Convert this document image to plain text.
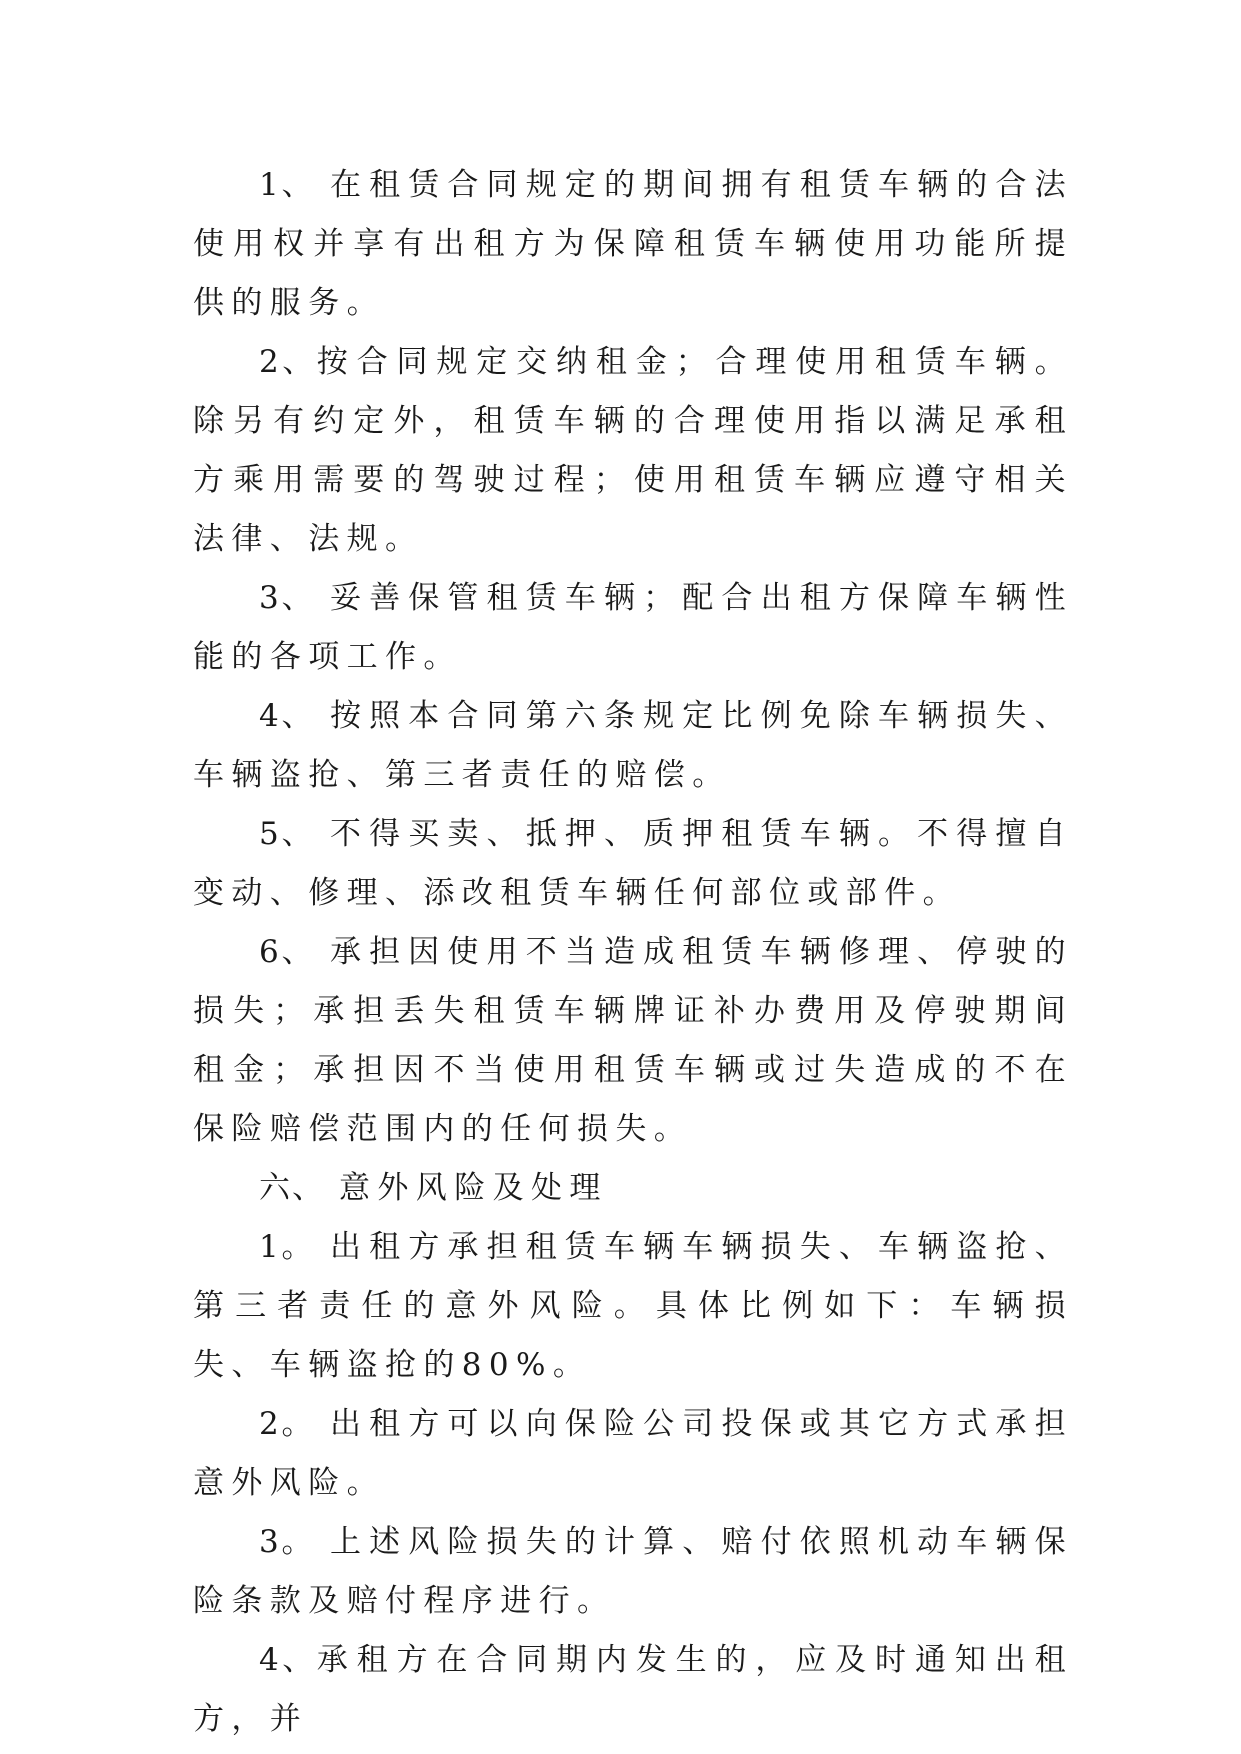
1、 在租赁合同规定的期间拥有租赁车辆的合法使用权并享有出租方为保障租赁车辆使用功能所提供的服务。

2、按合同规定交纳租金；合理使用租赁车辆。除另有约定外，租赁车辆的合理使用指以满足承租方乘用需要的驾驶过程；使用租赁车辆应遵守相关法律、法规。

3、 妥善保管租赁车辆；配合出租方保障车辆性能的各项工作。

4、 按照本合同第六条规定比例免除车辆损失、车辆盗抢、第三者责任的赔偿。

5、 不得买卖、抵押、质押租赁车辆。不得擅自变动、修理、添改租赁车辆任何部位或部件。

6、 承担因使用不当造成租赁车辆修理、停驶的损失；承担丢失租赁车辆牌证补办费用及停驶期间租金；承担因不当使用租赁车辆或过失造成的不在保险赔偿范围内的任何损失。

六、 意外风险及处理

1。 出租方承担租赁车辆车辆损失、车辆盗抢、第三者责任的意外风险。具体比例如下：车辆损失、车辆盗抢的80%。

2。 出租方可以向保险公司投保或其它方式承担意外风险。

3。 上述风险损失的计算、赔付依照机动车辆保险条款及赔付程序进行。

4、承租方在合同期内发生的，应及时通知出租方，并
